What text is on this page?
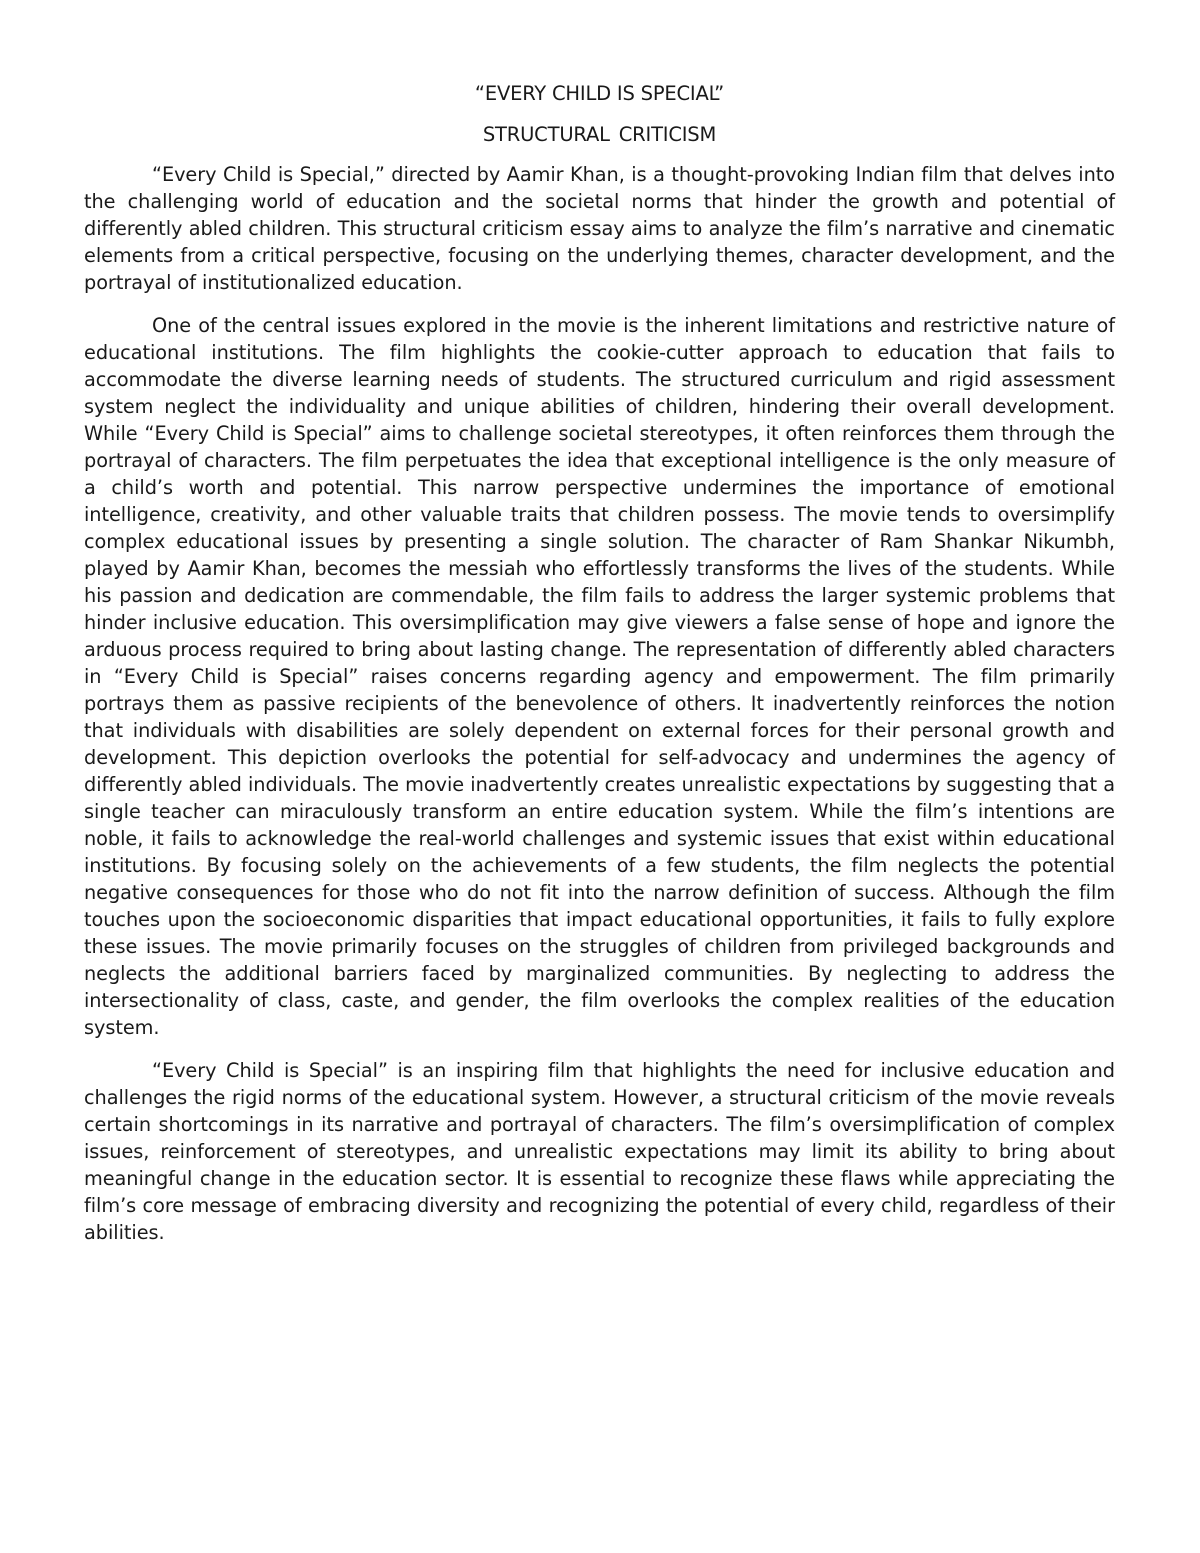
“EVERY CHILD IS SPECIAL”
STRUCTURAL CRITICISM

“Every Child is Special,” directed by Aamir Khan, is a thought-provoking Indian film that delves into the challenging world of education and the societal norms that hinder the growth and potential of differently abled children. This structural criticism essay aims to analyze the film’s narrative and cinematic elements from a critical perspective, focusing on the underlying themes, character development, and the portrayal of institutionalized education.

One of the central issues explored in the movie is the inherent limitations and restrictive nature of educational institutions. The film highlights the cookie-cutter approach to education that fails to accommodate the diverse learning needs of students. The structured curriculum and rigid assessment system neglect the individuality and unique abilities of children, hindering their overall development. While “Every Child is Special” aims to challenge societal stereotypes, it often reinforces them through the portrayal of characters. The film perpetuates the idea that exceptional intelligence is the only measure of a child’s worth and potential. This narrow perspective undermines the importance of emotional intelligence, creativity, and other valuable traits that children possess. The movie tends to oversimplify complex educational issues by presenting a single solution. The character of Ram Shankar Nikumbh, played by Aamir Khan, becomes the messiah who effortlessly transforms the lives of the students. While his passion and dedication are commendable, the film fails to address the larger systemic problems that hinder inclusive education. This oversimplification may give viewers a false sense of hope and ignore the arduous process required to bring about lasting change. The representation of differently abled characters in “Every Child is Special” raises concerns regarding agency and empowerment. The film primarily portrays them as passive recipients of the benevolence of others. It inadvertently reinforces the notion that individuals with disabilities are solely dependent on external forces for their personal growth and development. This depiction overlooks the potential for self-advocacy and undermines the agency of differently abled individuals. The movie inadvertently creates unrealistic expectations by suggesting that a single teacher can miraculously transform an entire education system. While the film’s intentions are noble, it fails to acknowledge the real-world challenges and systemic issues that exist within educational institutions. By focusing solely on the achievements of a few students, the film neglects the potential negative consequences for those who do not fit into the narrow definition of success. Although the film touches upon the socioeconomic disparities that impact educational opportunities, it fails to fully explore these issues. The movie primarily focuses on the struggles of children from privileged backgrounds and neglects the additional barriers faced by marginalized communities. By neglecting to address the intersectionality of class, caste, and gender, the film overlooks the complex realities of the education system.

“Every Child is Special” is an inspiring film that highlights the need for inclusive education and challenges the rigid norms of the educational system. However, a structural criticism of the movie reveals certain shortcomings in its narrative and portrayal of characters. The film’s oversimplification of complex issues, reinforcement of stereotypes, and unrealistic expectations may limit its ability to bring about meaningful change in the education sector. It is essential to recognize these flaws while appreciating the film’s core message of embracing diversity and recognizing the potential of every child, regardless of their abilities.
